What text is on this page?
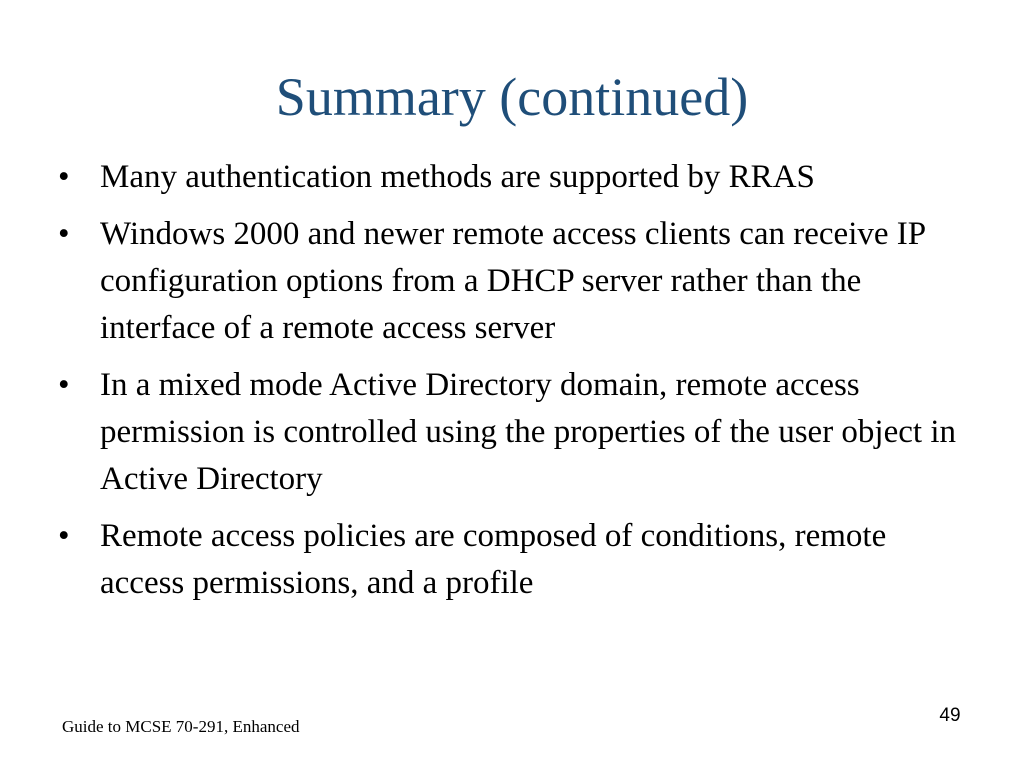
Summary (continued)
• Many authentication methods are supported by RRAS
• Windows 2000 and newer remote access clients can receive IP configuration options from a DHCP server rather than the interface of a remote access server
• In a mixed mode Active Directory domain, remote access permission is controlled using the properties of the user object in Active Directory
• Remote access policies are composed of conditions, remote access permissions, and a profile
Guide to MCSE 70-291, Enhanced
49
